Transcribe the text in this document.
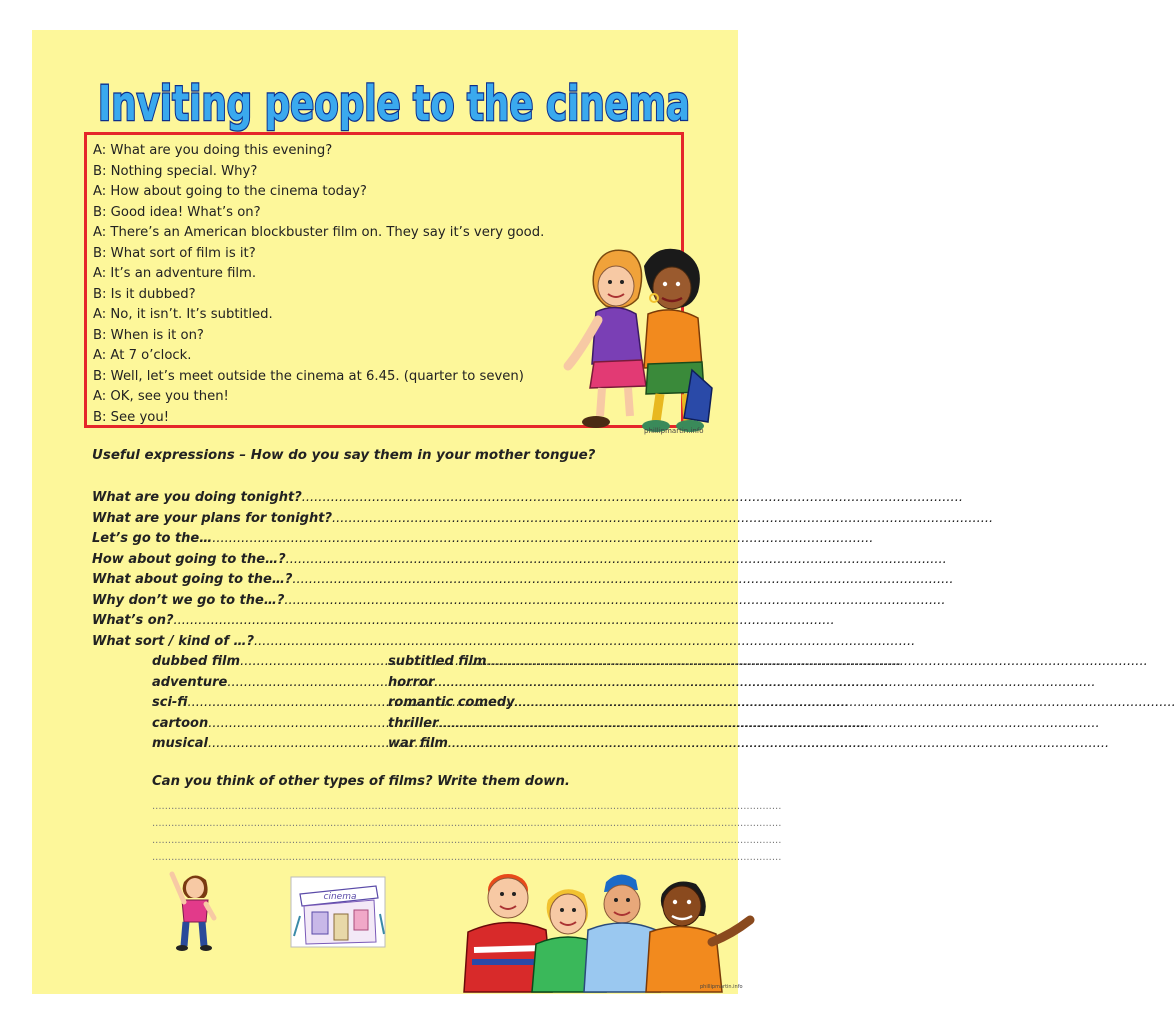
Inviting people to the cinema
A: What are you doing this evening?
B: Nothing special. Why?
A: How about going to the cinema today?
B: Good idea! What’s on?
A: There’s an American blockbuster film on. They say it’s very good.
B: What sort of film is it?
A: It’s an adventure film.
B: Is it dubbed?
A: No, it isn’t. It’s subtitled.
B: When is it on?
A: At 7 o’clock.
B: Well, let’s meet outside the cinema at 6.45. (quarter to seven)
A: OK, see you then!
B: See you!
phillipmartin.info
Useful expressions – How do you say them in your mother tongue?
What are you doing tonight?
.....
What are your plans for tonight?
.....
Let’s go to the…
.....
How about going to the…?
.....
What about going to the…?
.....
Why don’t we go to the…?
.....
What’s on?
.....
What sort / kind of …?
.....
dubbed film .....	subtitled film
.....
adventure .....	horror
.....
sci-fi .....	romantic comedy
.....
cartoon .....	thriller
.....
musical .....	war film
.....
Can you think of other types of films? Write them down.
.....
.....
.....
.....
cinema
phillipmartin.info
